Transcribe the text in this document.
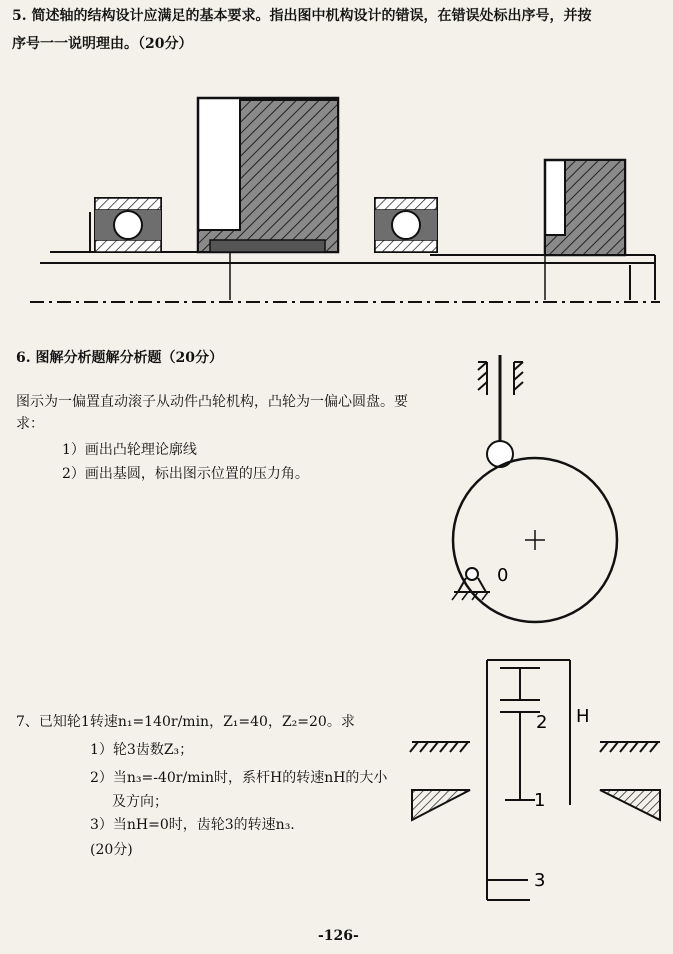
5. 简述轴的结构设计应满足的基本要求。指出图中机构设计的错误，在错误处标出序号，并按
序号一一说明理由。（20分）
6. 图解分析题解分析题（20分）
图示为一偏置直动滚子从动件凸轮机构，凸轮为一偏心圆盘。要
求：
1）画出凸轮理论廓线
2）画出基圆，标出图示位置的压力角。
0
7、已知轮1转速n₁=140r/min，Z₁=40，Z₂=20。求
1）轮3齿数Z₃；
2）当n₃=-40r/min时，系杆H的转速nH的大小
及方向；
3）当nH=0时，齿轮3的转速n₃.
(20分)
2 H
1
3
-126-
